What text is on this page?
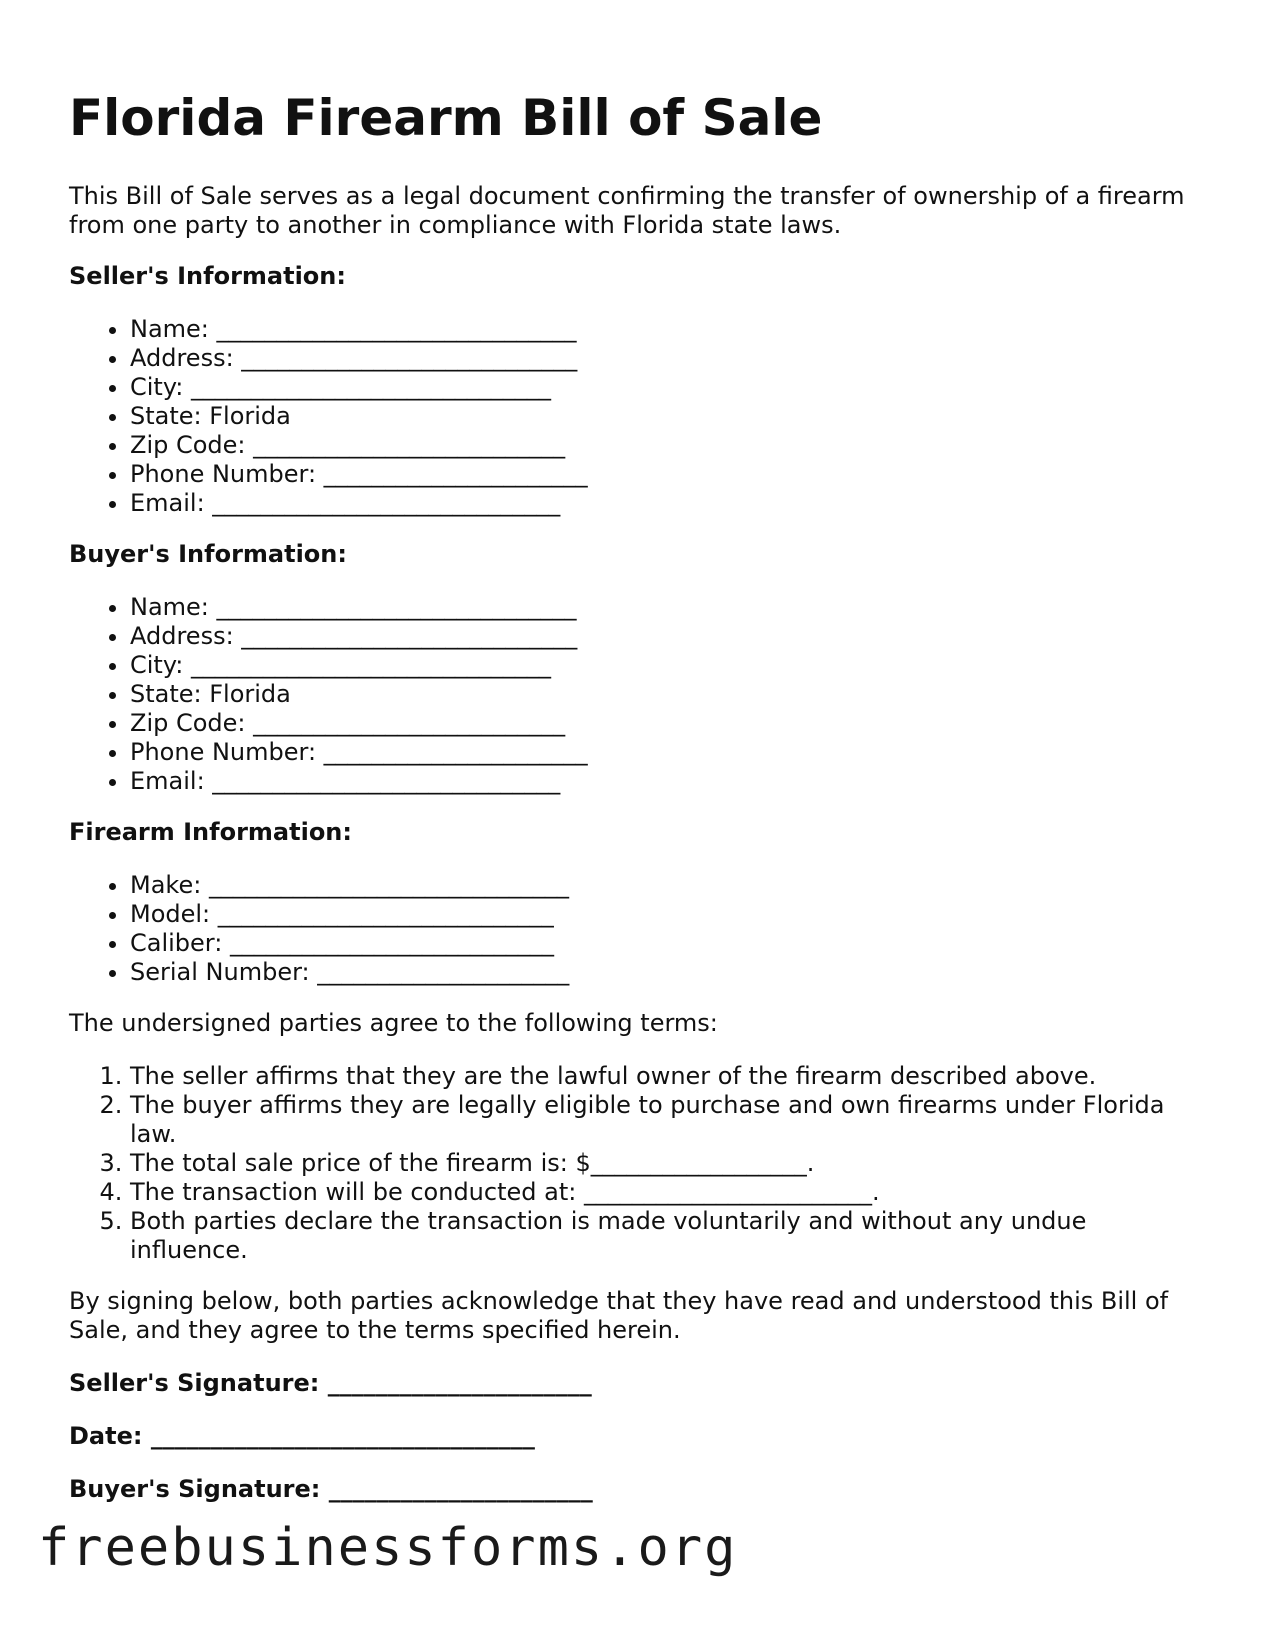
Florida Firearm Bill of Sale

This Bill of Sale serves as a legal document confirming the transfer of ownership of a firearm from one party to another in compliance with Florida state laws.

Seller's Information:
• Name: ______________________________
• Address: ____________________________
• City: ______________________________
• State: Florida
• Zip Code: __________________________
• Phone Number: ______________________
• Email: _____________________________
Buyer's Information:
• Name: ______________________________
• Address: ____________________________
• City: ______________________________
• State: Florida
• Zip Code: __________________________
• Phone Number: ______________________
• Email: _____________________________
Firearm Information:
• Make: ______________________________
• Model: ____________________________
• Caliber: ___________________________
• Serial Number: _____________________

The undersigned parties agree to the following terms:

1. The seller affirms that they are the lawful owner of the firearm described above.
2. The buyer affirms they are legally eligible to purchase and own firearms under Florida law.
3. The total sale price of the firearm is: $__________________.
4. The transaction will be conducted at: ________________________.
5. Both parties declare the transaction is made voluntarily and without any undue influence.

By signing below, both parties acknowledge that they have read and understood this Bill of Sale, and they agree to the terms specified herein.

Seller's Signature: ______________________
Date: ________________________________
Buyer's Signature: ______________________
freebusinessforms.org
